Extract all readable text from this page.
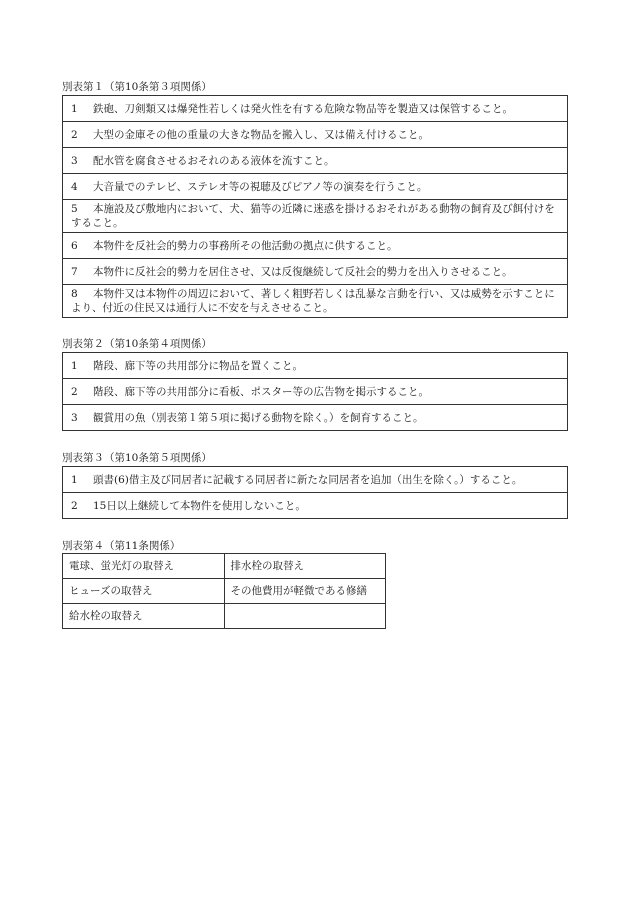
別表第１（第10条第３項関係）
1 鉄砲、刀剣類又は爆発性若しくは発火性を有する危険な物品等を製造又は保管すること。
2 大型の金庫その他の重量の大きな物品を搬入し、又は備え付けること。
3 配水管を腐食させるおそれのある液体を流すこと。
4 大音量でのテレビ、ステレオ等の視聴及びピアノ等の演奏を行うこと。
5 本施設及び敷地内において、犬、猫等の近隣に迷惑を掛けるおそれがある動物の飼育及び餌付けをすること。
6 本物件を反社会的勢力の事務所その他活動の拠点に供すること。
7 本物件に反社会的勢力を居住させ、又は反復継続して反社会的勢力を出入りさせること。
8 本物件又は本物件の周辺において、著しく粗野若しくは乱暴な言動を行い、又は威勢を示すことにより、付近の住民又は通行人に不安を与えさせること。
別表第２（第10条第４項関係）
1 階段、廊下等の共用部分に物品を置くこと。
2 階段、廊下等の共用部分に看板、ポスター等の広告物を掲示すること。
3 観賞用の魚（別表第１第５項に掲げる動物を除く。）を飼育すること。
別表第３（第10条第５項関係）
1 頭書(6)借主及び同居者に記載する同居者に新たな同居者を追加（出生を除く。）すること。
2 15日以上継続して本物件を使用しないこと。
別表第４（第11条関係）
電球、蛍光灯の取替え	排水栓の取替え
ヒューズの取替え	その他費用が軽微である修繕
給水栓の取替え	
